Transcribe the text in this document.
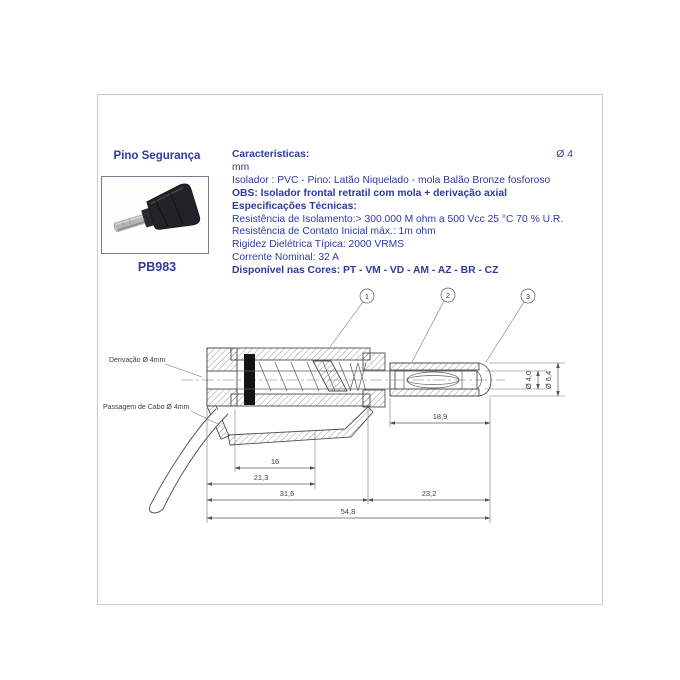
Pino Segurança
PB983
Características:	Ø 4
mm
Isolador : PVC - Pino: Latão Niquelado - mola Balão Bronze fosforoso
OBS: Isolador frontal retratil com mola + derivação axial
Especificações Técnicas:
Resistência de Isolamento:> 300.000 M ohm a 500 Vcc 25 °C 70 % U.R.
Resistência de Contato Inicial máx.: 1m ohm
Rigidez Dielétrica Típica: 2000 VRMS
Corrente Nominal: 32 A
Disponível nas Cores: PT - VM - VD - AM - AZ - BR - CZ
1	2	3
Derivação Ø 4mm
Passagem de Cabo Ø 4mm
Ø 4,0 Ø 6,4
18,9
16
21,3
31,6	23,2
54,8
